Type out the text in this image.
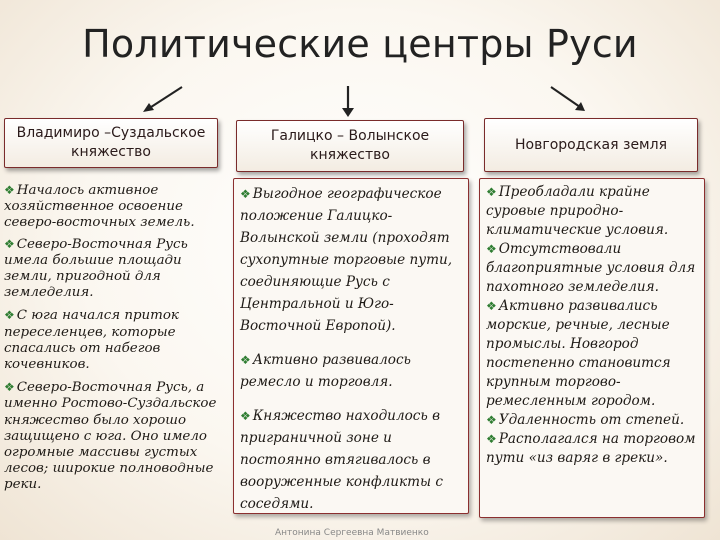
Политические центры Руси
Владимиро –Суздальское княжество
Галицко – Волынское княжество
Новгородская земля

❖ Началось активное хозяйственное освоение северо-восточных земель.

❖ Северо-Восточная Русь имела большие площади земли, пригодной для земледелия.

❖ С юга начался приток переселенцев, которые спасались от набегов кочевников.

❖ Северо-Восточная Русь, а именно Ростово-Суздальское княжество было хорошо защищено с юга. Оно имело огромные массивы густых лесов; широкие полноводные реки.

❖ Выгодное географическое положение Галицко-Волынской земли (проходят сухопутные торговые пути, соединяющие Русь с Центральной и Юго-Восточной Европой).

❖ Активно развивалось ремесло и торговля.

❖ Княжество находилось в приграничной зоне и постоянно втягивалось в вооруженные конфликты с соседями.

❖ Преобладали крайне суровые природно-климатические условия.

❖ Отсутствовали благоприятные условия для пахотного земледелия.

❖ Активно развивались морские, речные, лесные промыслы. Новгород постепенно становится крупным торгово-ремесленным городом.

❖ Удаленность от степей.

❖ Располагался на торговом пути «из варяг в греки».

Антонина Сергеевна Матвиенко
